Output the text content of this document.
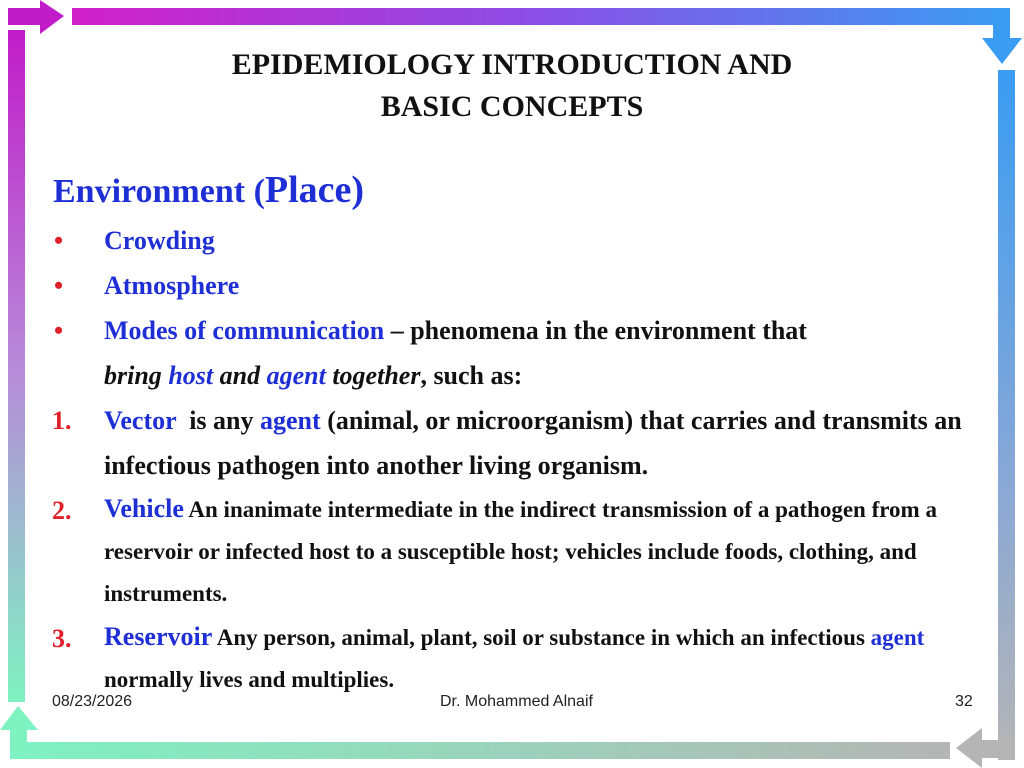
EPIDEMIOLOGY INTRODUCTION AND
BASIC CONCEPTS
Environment (Place)
•	Crowding
•	Atmosphere
•	Modes of communication – phenomena in the environment that
bring host and agent together, such as:
1.	Vector  is any agent (animal, or microorganism) that carries and transmits an infectious pathogen into another living organism.
2.	Vehicle An inanimate intermediate in the indirect transmission of a pathogen from a reservoir or infected host to a susceptible host; vehicles include foods, clothing, and instruments.
3.	Reservoir Any person, animal, plant, soil or substance in which an infectious agent normally lives and multiplies.
08/23/2026	Dr. Mohammed Alnaif	32
